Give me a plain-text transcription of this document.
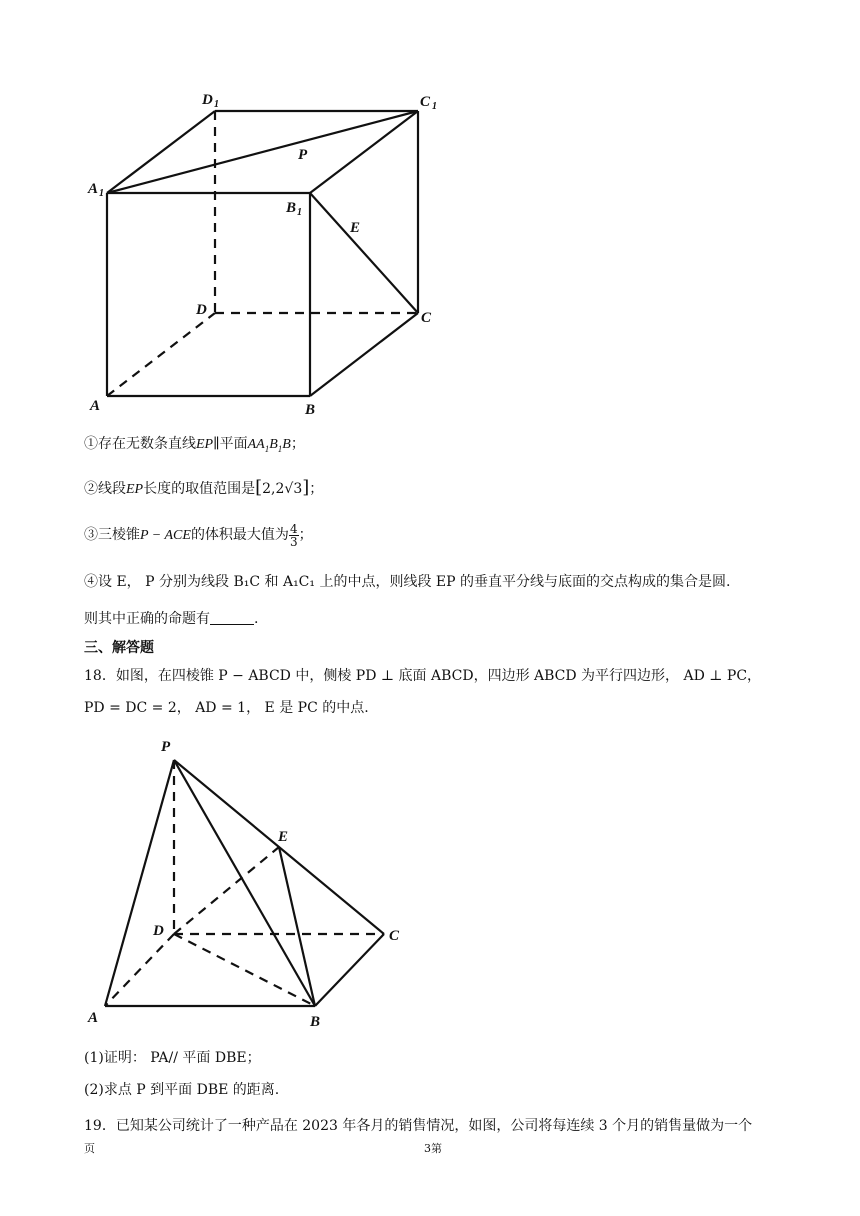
D 1	C 1
A 1
B 1
P
E
D	C
A	B
①存在无数条直线EP∥平面$AA_1B_1B$；
②线段EP长度的取值范围是[2,2√3]；
③三棱锥P − ACE的体积最大值为 $\frac{4}{3}$ ；
④设 E， P 分别为线段 B₁C 和 A₁C₁ 上的中点，则线段 EP 的垂直平分线与底面的交点构成的集合是圆.
则其中正确的命题有	.
三、解答题
18．如图，在四棱锥 P − ABCD 中，侧棱 PD ⊥ 底面 ABCD，四边形 ABCD 为平行四边形， AD ⊥ PC，
PD = DC = 2， AD = 1， E 是 PC 的中点.
P
E
D	C
A	B
(1)证明： PA// 平面 DBE；
(2)求点 P 到平面 DBE 的距离.
19．已知某公司统计了一种产品在 2023 年各月的销售情况，如图，公司将每连续 3 个月的销售量做为一个
页	3第
